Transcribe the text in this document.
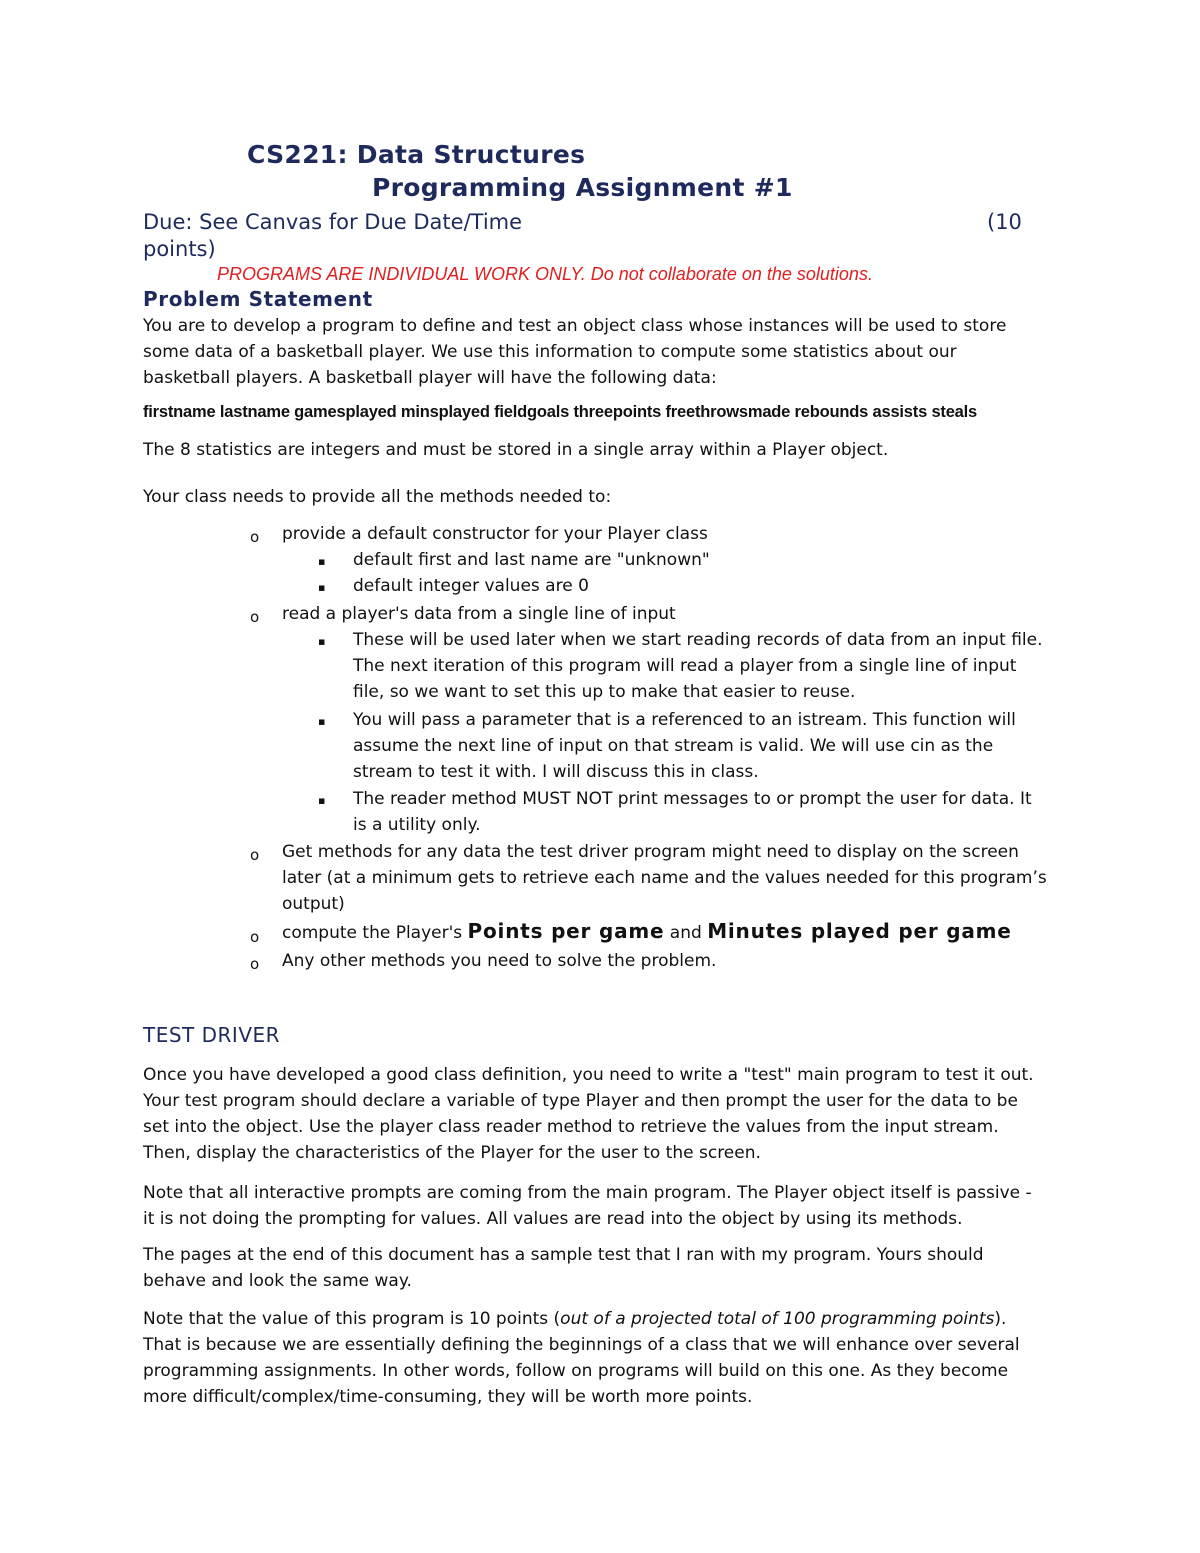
CS221: Data Structures
Programming Assignment #1
Due: See Canvas for Due Date/Time	(10
points)
PROGRAMS ARE INDIVIDUAL WORK ONLY. Do not collaborate on the solutions.
Problem Statement
You are to develop a program to define and test an object class whose instances will be used to store
some data of a basketball player. We use this information to compute some statistics about our
basketball players. A basketball player will have the following data:
firstname lastname gamesplayed minsplayed fieldgoals threepoints freethrowsmade rebounds assists steals
The 8 statistics are integers and must be stored in a single array within a Player object.
Your class needs to provide all the methods needed to:
o provide a default constructor for your Player class
▪ default first and last name are "unknown"
▪ default integer values are 0
o read a player's data from a single line of input
▪ These will be used later when we start reading records of data from an input file.
The next iteration of this program will read a player from a single line of input
file, so we want to set this up to make that easier to reuse.
▪ You will pass a parameter that is a referenced to an istream. This function will
assume the next line of input on that stream is valid. We will use cin as the
stream to test it with. I will discuss this in class.
▪ The reader method MUST NOT print messages to or prompt the user for data. It
is a utility only.
o Get methods for any data the test driver program might need to display on the screen
later (at a minimum gets to retrieve each name and the values needed for this program’s
output)
o compute the Player's Points per game and Minutes played per game
o Any other methods you need to solve the problem.
TEST DRIVER
Once you have developed a good class definition, you need to write a "test" main program to test it out.
Your test program should declare a variable of type Player and then prompt the user for the data to be
set into the object. Use the player class reader method to retrieve the values from the input stream.
Then, display the characteristics of the Player for the user to the screen.
Note that all interactive prompts are coming from the main program. The Player object itself is passive -
it is not doing the prompting for values. All values are read into the object by using its methods.
The pages at the end of this document has a sample test that I ran with my program. Yours should
behave and look the same way.
Note that the value of this program is 10 points (out of a projected total of 100 programming points).
That is because we are essentially defining the beginnings of a class that we will enhance over several
programming assignments. In other words, follow on programs will build on this one. As they become
more difficult/complex/time-consuming, they will be worth more points.
